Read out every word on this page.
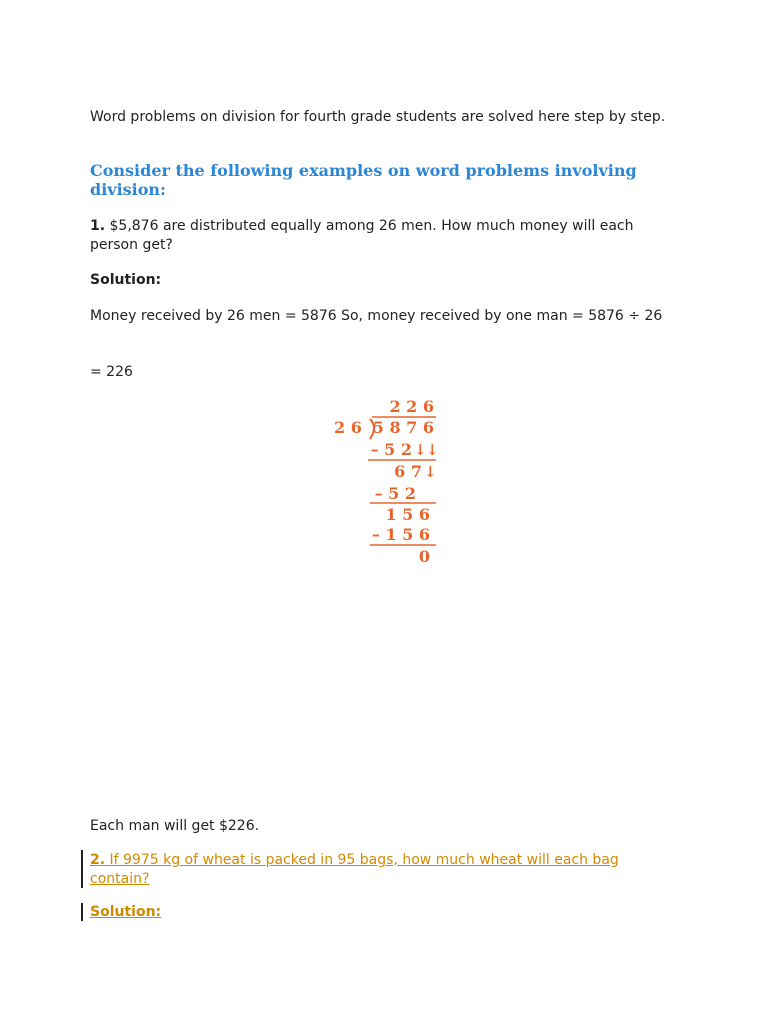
Word problems on division for fourth grade students are solved here step by step.
Consider the following examples on word problems involving division:
1. $5,876 are distributed equally among 26 men. How much money will each person get?
Solution:
Money received by 26 men = 5876 So, money received by one man = 5876 ÷ 26
= 226
2 2 6
2 6 5 8 7 6
– 5 2 ↓ ↓
6 7 ↓
– 5 2
1 5 6
– 1 5 6
0
Each man will get $226.
2. If 9975 kg of wheat is packed in 95 bags, how much wheat will each bag contain?
Solution:
